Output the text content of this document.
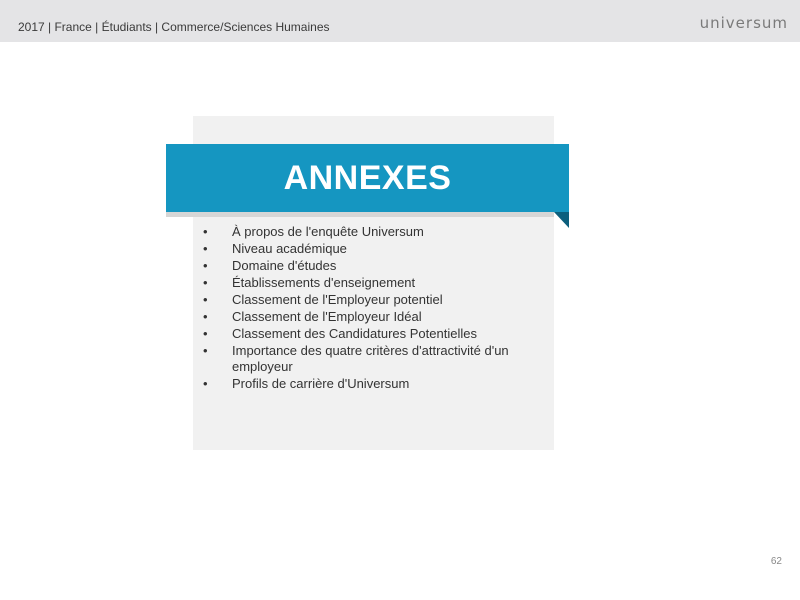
2017 | France | Étudiants | Commerce/Sciences Humaines	universum
ANNEXES
• À propos de l'enquête Universum
• Niveau académique
• Domaine d'études
• Établissements d'enseignement
• Classement de l'Employeur potentiel
• Classement de l'Employeur Idéal
• Classement des Candidatures Potentielles
• Importance des quatre critères d'attractivité d'un employeur
• Profils de carrière d'Universum
62
